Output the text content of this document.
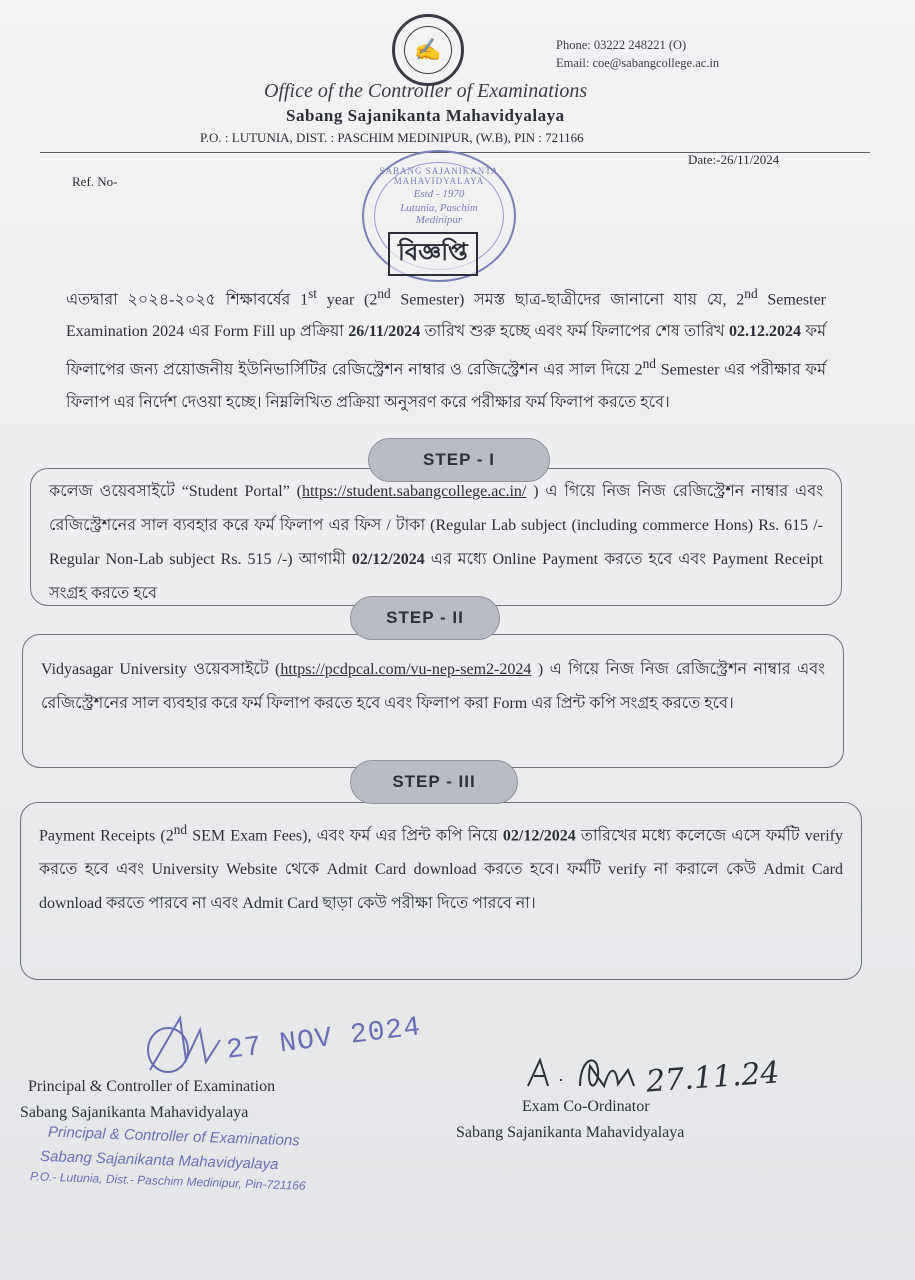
✍	Phone: 03222 248221 (O)
Email: coe@sabangcollege.ac.in
Office of the Controller of Examinations
Sabang Sajanikanta Mahavidyalaya
P.O. : LUTUNIA, DIST. : PASCHIM MEDINIPUR, (W.B), PIN : 721166
Ref. No-
Date:-26/11/2024
SABANG SAJANIKANTA MAHAVIDYALAYA
Estd - 1970
Lutunia, Paschim
Medinipur
বিজ্ঞপ্তি
এতদ্বারা ২০২৪-২০২৫ শিক্ষাবর্ষের 1st year (2nd Semester) সমস্ত ছাত্র-ছাত্রীদের জানানো যায় যে, 2nd Semester Examination 2024 এর Form Fill up প্রক্রিয়া 26/11/2024 তারিখ শুরু হচ্ছে এবং ফর্ম ফিলাপের শেষ তারিখ 02.12.2024 ফর্ম ফিলাপের জন্য প্রয়োজনীয় ইউনিভার্সিটির রেজিস্ট্রেশন নাম্বার ও রেজিস্ট্রেশন এর সাল দিয়ে 2nd Semester এর পরীক্ষার ফর্ম ফিলাপ এর নির্দেশ দেওয়া হচ্ছে। নিম্নলিখিত প্রক্রিয়া অনুসরণ করে পরীক্ষার ফর্ম ফিলাপ করতে হবে।
কলেজ ওয়েবসাইটে “Student Portal” (https://student.sabangcollege.ac.in/ ) এ গিয়ে নিজ নিজ রেজিস্ট্রেশন নাম্বার এবং রেজিস্ট্রেশনের সাল ব্যবহার করে ফর্ম ফিলাপ এর ফিস / টাকা (Regular Lab subject (including commerce Hons) Rs. 615 /- Regular Non-Lab subject Rs. 515 /-) আগামী 02/12/2024 এর মধ্যে Online Payment করতে হবে এবং Payment Receipt সংগ্রহ করতে হবে
STEP - I
Vidyasagar University ওয়েবসাইটে (https://pcdpcal.com/vu-nep-sem2-2024 ) এ গিয়ে নিজ নিজ রেজিস্ট্রেশন নাম্বার এবং রেজিস্ট্রেশনের সাল ব্যবহার করে ফর্ম ফিলাপ করতে হবে এবং ফিলাপ করা Form এর প্রিন্ট কপি সংগ্রহ করতে হবে।
STEP - II
Payment Receipts (2nd SEM Exam Fees), এবং ফর্ম এর প্রিন্ট কপি নিয়ে 02/12/2024 তারিখের মধ্যে কলেজে এসে ফর্মটি verify করতে হবে এবং University Website থেকে Admit Card download করতে হবে। ফর্মটি verify না করালে কেউ Admit Card download করতে পারবে না এবং Admit Card ছাড়া কেউ পরীক্ষা দিতে পারবে না।
STEP - III
27 NOV 2024
Principal & Controller of Examination
Sabang Sajanikanta Mahavidyalaya
Principal & Controller of Examinations
Sabang Sajanikanta Mahavidyalaya
P.O.- Lutunia, Dist.- Paschim Medinipur, Pin-721166
27.11.24
Exam Co-Ordinator
Sabang Sajanikanta Mahavidyalaya
